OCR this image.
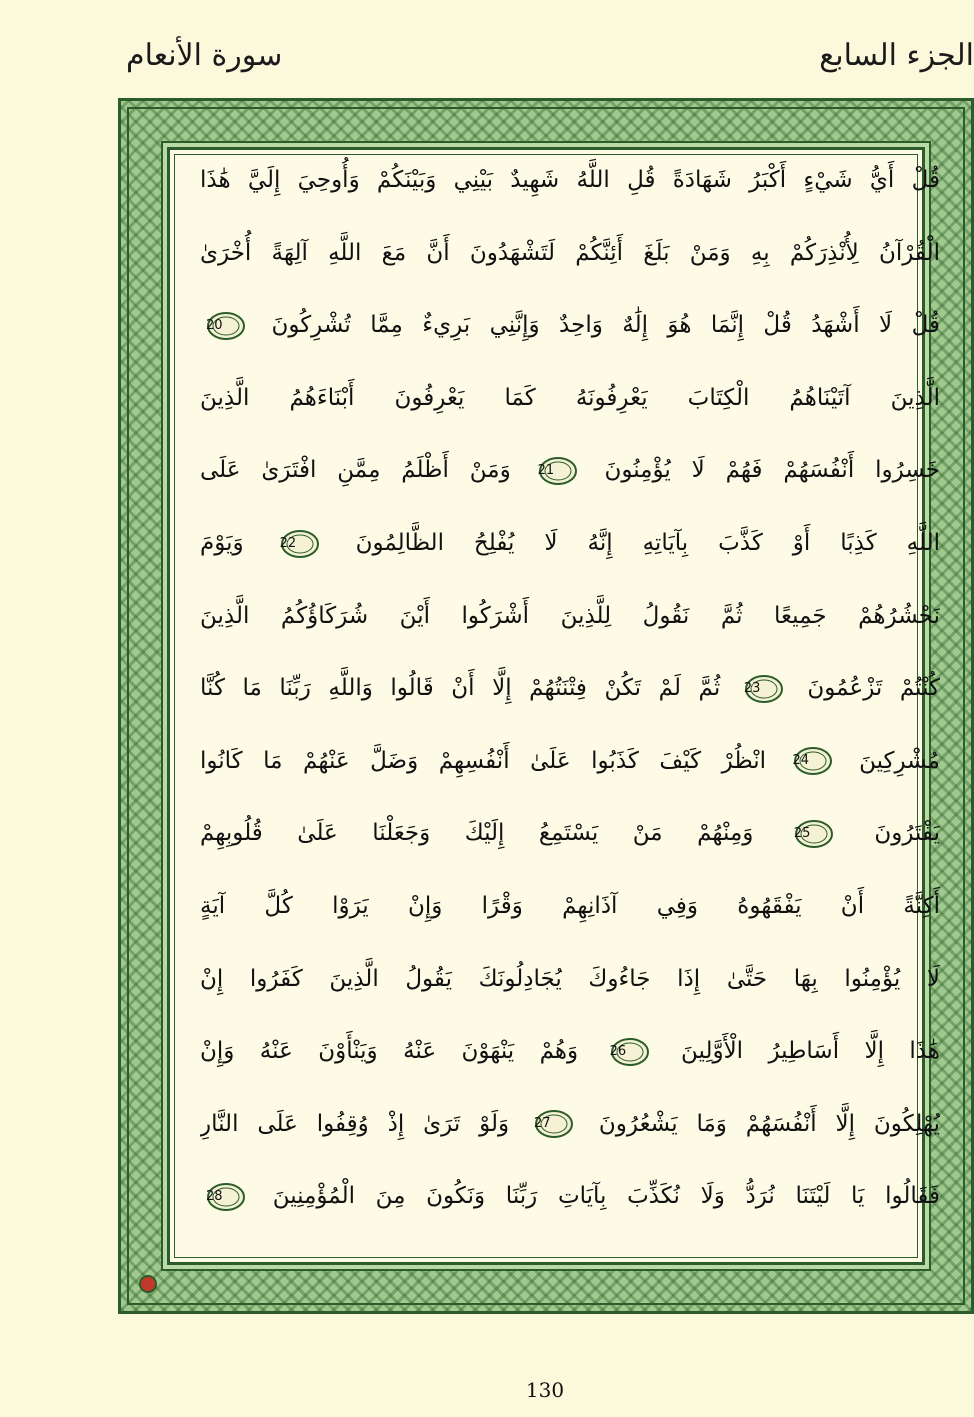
سورة الأنعام	الجزء السابع
قُلْ أَيُّ شَيْءٍ أَكْبَرُ شَهَادَةً قُلِ اللَّهُ شَهِيدٌ بَيْنِي وَبَيْنَكُمْ وَأُوحِيَ إِلَيَّ هَٰذَا
الْقُرْآنُ لِأُنْذِرَكُمْ بِهِ وَمَنْ بَلَغَ أَئِنَّكُمْ لَتَشْهَدُونَ أَنَّ مَعَ اللَّهِ آلِهَةً أُخْرَىٰ
قُلْ لَا أَشْهَدُ قُلْ إِنَّمَا هُوَ إِلَٰهٌ وَاحِدٌ وَإِنَّنِي بَرِيءٌ مِمَّا تُشْرِكُونَ
20
الَّذِينَ آتَيْنَاهُمُ الْكِتَابَ يَعْرِفُونَهُ كَمَا يَعْرِفُونَ أَبْنَاءَهُمُ الَّذِينَ
خَسِرُوا أَنْفُسَهُمْ فَهُمْ لَا يُؤْمِنُونَ
21
وَمَنْ أَظْلَمُ مِمَّنِ افْتَرَىٰ عَلَى
اللَّهِ كَذِبًا أَوْ كَذَّبَ بِآيَاتِهِ إِنَّهُ لَا يُفْلِحُ الظَّالِمُونَ
22
وَيَوْمَ
نَحْشُرُهُمْ جَمِيعًا ثُمَّ نَقُولُ لِلَّذِينَ أَشْرَكُوا أَيْنَ شُرَكَاؤُكُمُ الَّذِينَ
كُنْتُمْ تَزْعُمُونَ
23
ثُمَّ لَمْ تَكُنْ فِتْنَتُهُمْ إِلَّا أَنْ قَالُوا وَاللَّهِ رَبِّنَا مَا كُنَّا
مُشْرِكِينَ
24
انْظُرْ كَيْفَ كَذَبُوا عَلَىٰ أَنْفُسِهِمْ وَضَلَّ عَنْهُمْ مَا كَانُوا
يَفْتَرُونَ
25
وَمِنْهُمْ مَنْ يَسْتَمِعُ إِلَيْكَ وَجَعَلْنَا عَلَىٰ قُلُوبِهِمْ
أَكِنَّةً أَنْ يَفْقَهُوهُ وَفِي آذَانِهِمْ وَقْرًا وَإِنْ يَرَوْا كُلَّ آيَةٍ
لَا يُؤْمِنُوا بِهَا حَتَّىٰ إِذَا جَاءُوكَ يُجَادِلُونَكَ يَقُولُ الَّذِينَ كَفَرُوا إِنْ
هَٰذَا إِلَّا أَسَاطِيرُ الْأَوَّلِينَ
26
وَهُمْ يَنْهَوْنَ عَنْهُ وَيَنْأَوْنَ عَنْهُ وَإِنْ
يُهْلِكُونَ إِلَّا أَنْفُسَهُمْ وَمَا يَشْعُرُونَ
27
وَلَوْ تَرَىٰ إِذْ وُقِفُوا عَلَى النَّارِ
فَقَالُوا يَا لَيْتَنَا نُرَدُّ وَلَا نُكَذِّبَ بِآيَاتِ رَبِّنَا وَنَكُونَ مِنَ الْمُؤْمِنِينَ
28
130
